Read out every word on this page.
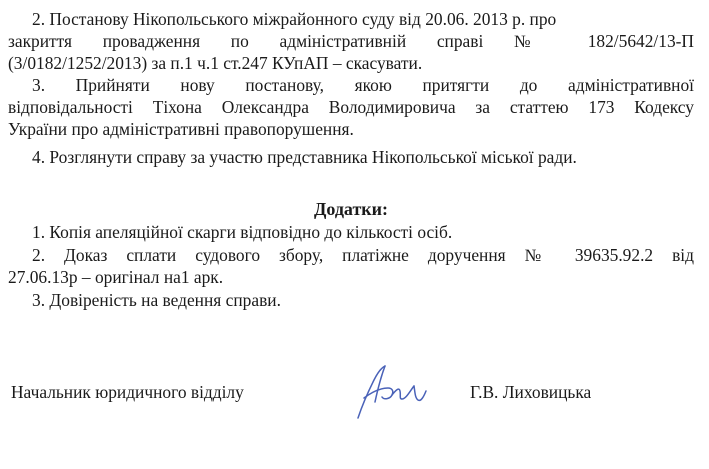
2. Постанову Нікопольського міжрайонного суду від 20.06. 2013 р. про
закриття провадження по адміністративній справі № 182/5642/13-П
(3/0182/1252/2013) за п.1 ч.1 ст.247 КУпАП – скасувати.
3. Прийняти нову постанову, якою притягти до адміністративної
відповідальності Тіхона Олександра Володимировича за статтею 173 Кодексу
України про адміністративні правопорушення.
4. Розглянути справу за участю представника Нікопольської міської ради.
Додатки:
1. Копія апеляційної скарги відповідно до кількості осіб.
2. Доказ сплати судового збору, платіжне доручення № 39635.92.2 від
27.06.13р – оригінал на1 арк.
3. Довіреність на ведення справи.
Начальник юридичного відділу	Г.В. Лиховицька
